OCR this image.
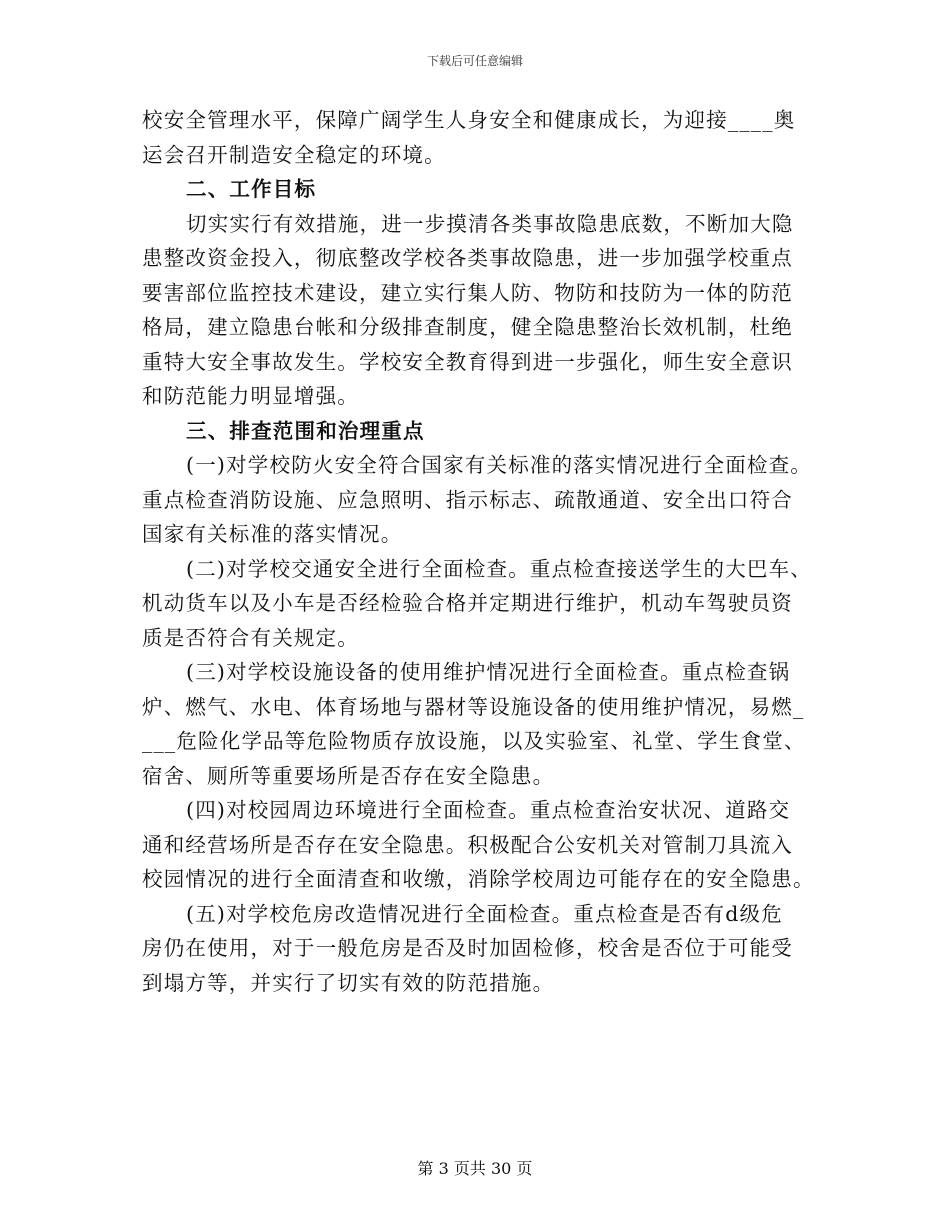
下载后可任意编辑
校安全管理水平，保障广阔学生人身安全和健康成长，为迎接____奥
运会召开制造安全稳定的环境。
二、工作目标
切实实行有效措施，进一步摸清各类事故隐患底数，不断加大隐
患整改资金投入，彻底整改学校各类事故隐患，进一步加强学校重点
要害部位监控技术建设，建立实行集人防、物防和技防为一体的防范
格局，建立隐患台帐和分级排查制度，健全隐患整治长效机制，杜绝
重特大安全事故发生。学校安全教育得到进一步强化，师生安全意识
和防范能力明显增强。
三、排查范围和治理重点
(一)对学校防火安全符合国家有关标准的落实情况进行全面检查。
重点检查消防设施、应急照明、指示标志、疏散通道、安全出口符合
国家有关标准的落实情况。
(二)对学校交通安全进行全面检查。重点检查接送学生的大巴车、
机动货车以及小车是否经检验合格并定期进行维护，机动车驾驶员资
质是否符合有关规定。
(三)对学校设施设备的使用维护情况进行全面检查。重点检查锅
炉、燃气、水电、体育场地与器材等设施设备的使用维护情况，易燃_
___危险化学品等危险物质存放设施，以及实验室、礼堂、学生食堂、
宿舍、厕所等重要场所是否存在安全隐患。
(四)对校园周边环境进行全面检查。重点检查治安状况、道路交
通和经营场所是否存在安全隐患。积极配合公安机关对管制刀具流入
校园情况的进行全面清查和收缴，消除学校周边可能存在的安全隐患。
(五)对学校危房改造情况进行全面检查。重点检查是否有d级危
房仍在使用，对于一般危房是否及时加固检修，校舍是否位于可能受
到塌方等，并实行了切实有效的防范措施。
第 3 页共 30 页
